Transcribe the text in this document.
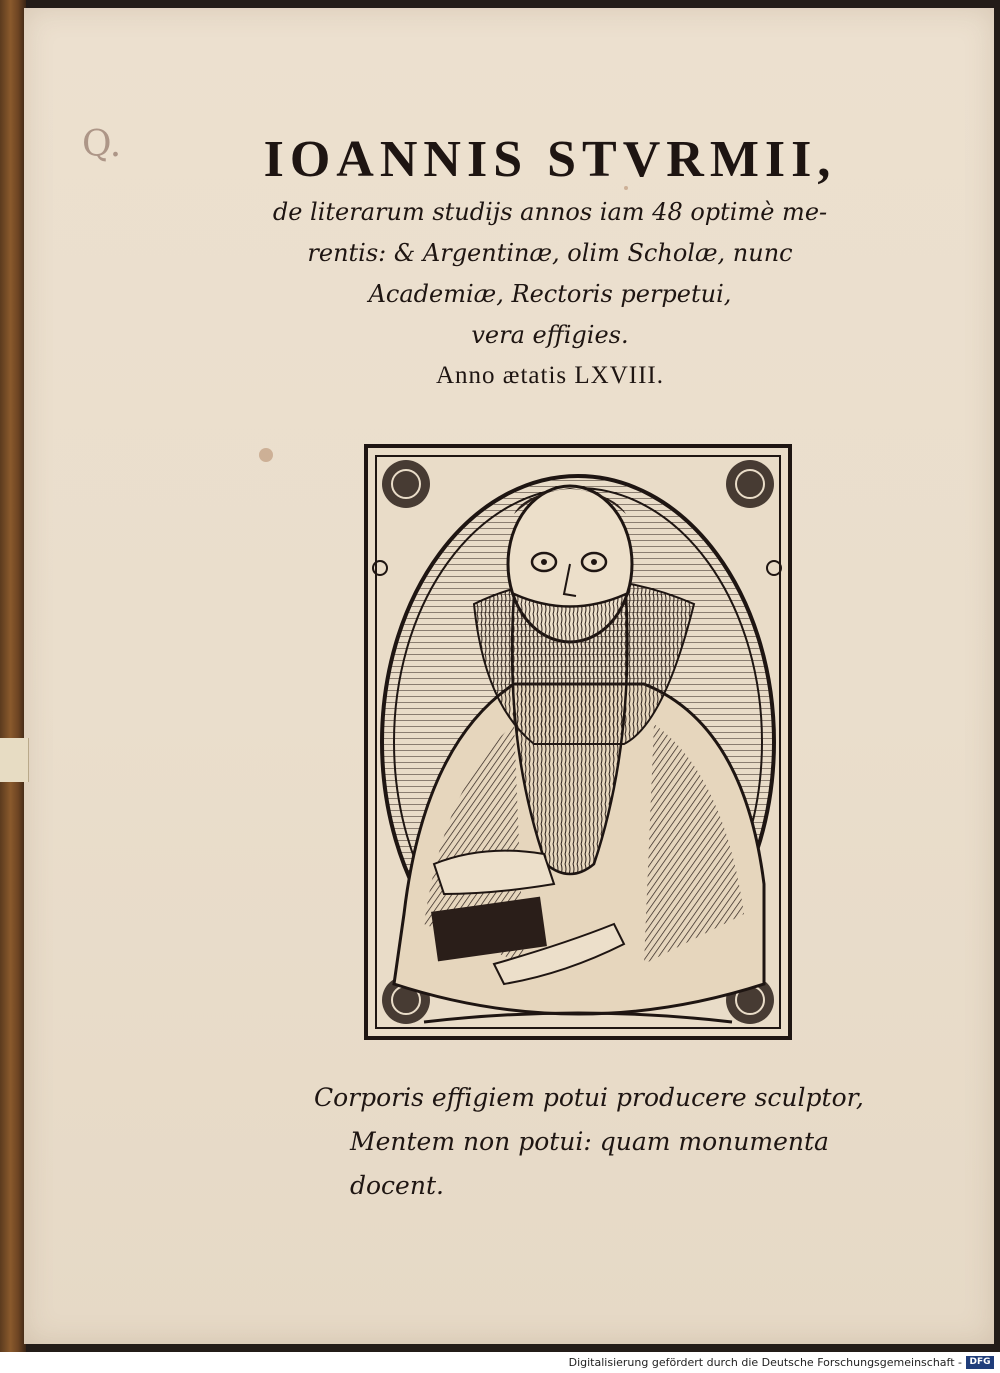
Q.	IOANNIS STVRMII,

de literarum studijs annos iam 48 optimè me-

rentis: & Argentinæ, olim Scholæ, nunc

Academiæ, Rectoris perpetui,

vera effigies.

Anno ætatis LXVIII.

Corporis effigiem potui producere sculptor,
Mentem non potui: quam monumenta docent.
Digitalisierung gefördert durch die Deutsche Forschungsgemeinschaft - DFG
